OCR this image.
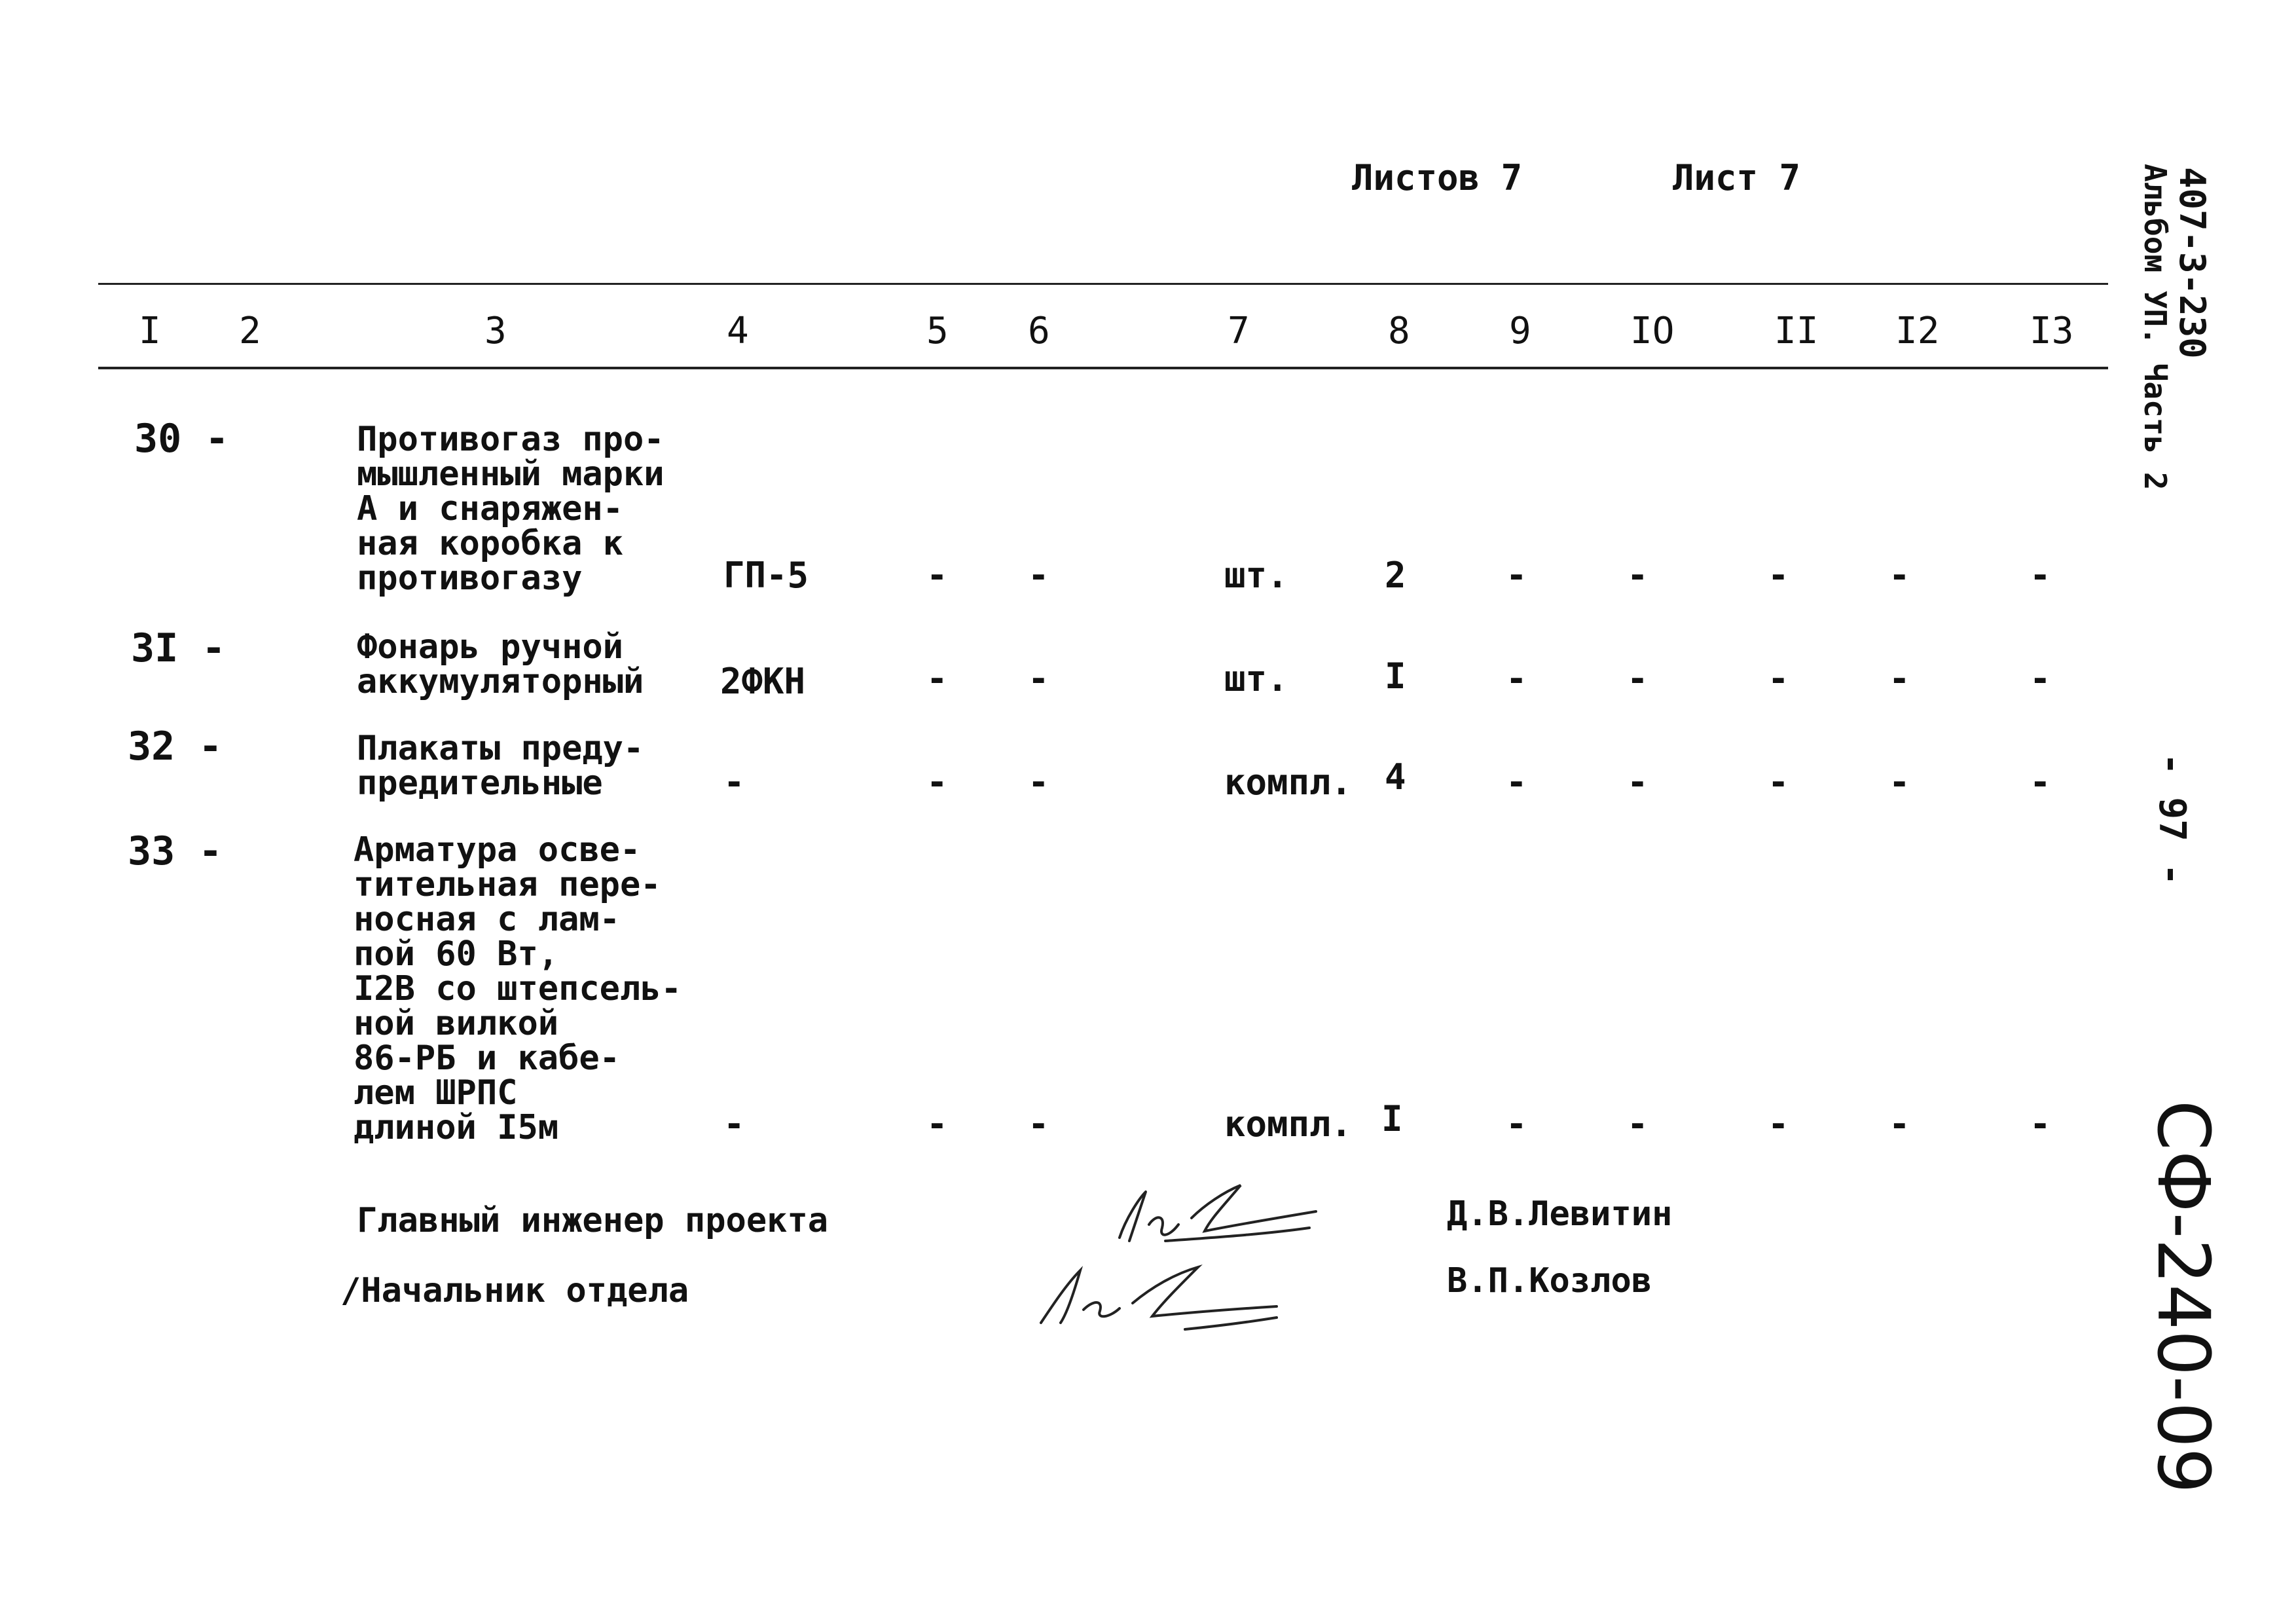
Листов 7	Лист 7
I 2	3	4	5 6	7	8	9	IO	II I2 I3
30 -	Противогаз про-
мышленный марки
А и снаряжен-
ная коробка к
противогазу	ГП-5	- -	шт.	2	-	-	-	-	-
3I -	Фонарь ручной
аккумуляторный 2ФКН	- -	шт.	I	-	-	-	-	-
32 -	Плакаты преду-
предительные	-	- -	компл. 4	-	-	-	-	-
33 -	Арматура осве-
тительная пере-
носная с лам-
пой 60 Вт,
I2В со штепсель-
ной вилкой
86-РБ и кабе-
лем ШРПС
длиной I5м	-	- -	компл. I	-	-	-	-	-
Главный инженер проекта	Д.В.Левитин
/Начальник отдела	В.П.Козлов
407-3-230
Альбом УП. Часть 2
- 97 -
СФ-240-09
